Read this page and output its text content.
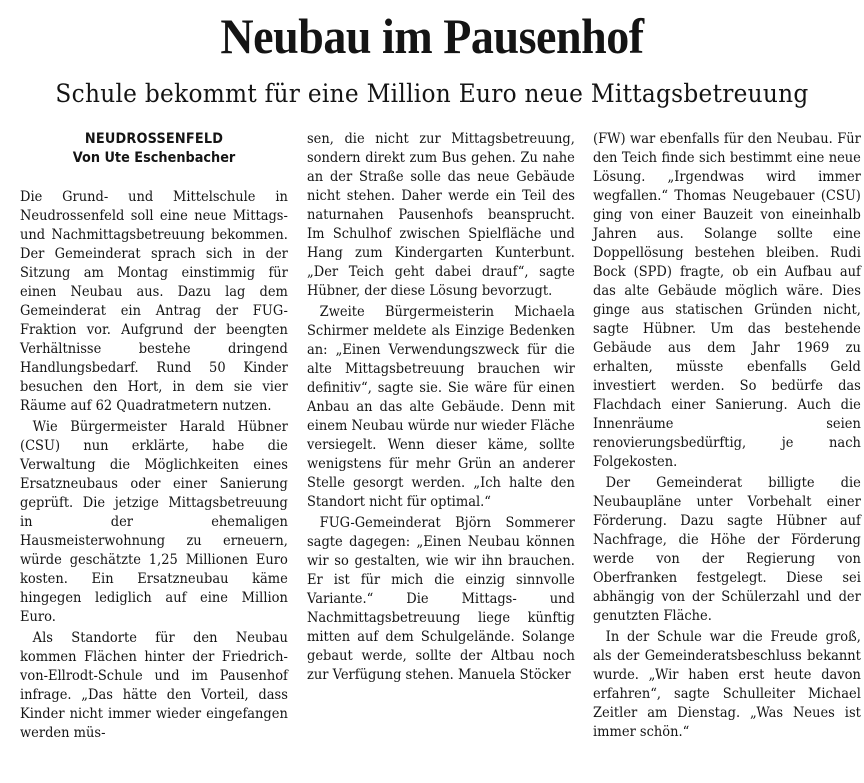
Neubau im Pausenhof
Schule bekommt für eine Million Euro neue Mittagsbetreuung
NEUDROSSENFELD
Von Ute Eschenbacher

Die Grund- und Mittelschule in Neudrossenfeld soll eine neue Mittags- und Nachmittagsbetreuung bekommen. Der Gemeinderat sprach sich in der Sitzung am Montag einstimmig für einen Neubau aus. Dazu lag dem Gemeinderat ein Antrag der FUG-Fraktion vor. Aufgrund der beengten Verhältnisse bestehe dringend Handlungsbedarf. Rund 50 Kinder besuchen den Hort, in dem sie vier Räume auf 62 Quadratmetern nutzen.

Wie Bürgermeister Harald Hübner (CSU) nun erklärte, habe die Verwaltung die Möglichkeiten eines Ersatzneubaus oder einer Sanierung geprüft. Die jetzige Mittagsbetreuung in der ehemaligen Hausmeisterwohnung zu erneuern, würde geschätzte 1,25 Millionen Euro kosten. Ein Ersatzneubau käme hingegen lediglich auf eine Million Euro.

Als Standorte für den Neubau kommen Flächen hinter der Friedrich-von-Ellrodt-Schule und im Pausenhof infrage. „Das hätte den Vorteil, dass Kinder nicht immer wieder eingefangen werden müs-

sen, die nicht zur Mittagsbetreuung, sondern direkt zum Bus gehen. Zu nahe an der Straße solle das neue Gebäude nicht stehen. Daher werde ein Teil des naturnahen Pausenhofs beansprucht. Im Schulhof zwischen Spielfläche und Hang zum Kindergarten Kunterbunt. „Der Teich geht dabei drauf“, sagte Hübner, der diese Lösung bevorzugt.

Zweite Bürgermeisterin Michaela Schirmer meldete als Einzige Bedenken an: „Einen Verwendungszweck für die alte Mittagsbetreuung brauchen wir definitiv“, sagte sie. Sie wäre für einen Anbau an das alte Gebäude. Denn mit einem Neubau würde nur wieder Fläche versiegelt. Wenn dieser käme, sollte wenigstens für mehr Grün an anderer Stelle gesorgt werden. „Ich halte den Standort nicht für optimal.“

FUG-Gemeinderat Björn Sommerer sagte dagegen: „Einen Neubau können wir so gestalten, wie wir ihn brauchen. Er ist für mich die einzig sinnvolle Variante.“ Die Mittags- und Nachmittagsbetreuung liege künftig mitten auf dem Schulgelände. Solange gebaut werde, sollte der Altbau noch zur Verfügung stehen. Manuela Stöcker

(FW) war ebenfalls für den Neubau. Für den Teich finde sich bestimmt eine neue Lösung. „Irgendwas wird immer wegfallen.“ Thomas Neugebauer (CSU) ging von einer Bauzeit von eineinhalb Jahren aus. Solange sollte eine Doppellösung bestehen bleiben. Rudi Bock (SPD) fragte, ob ein Aufbau auf das alte Gebäude möglich wäre. Dies ginge aus statischen Gründen nicht, sagte Hübner. Um das bestehende Gebäude aus dem Jahr 1969 zu erhalten, müsste ebenfalls Geld investiert werden. So bedürfe das Flachdach einer Sanierung. Auch die Innenräume seien renovierungsbedürftig, je nach Folgekosten.

Der Gemeinderat billigte die Neubaupläne unter Vorbehalt einer Förderung. Dazu sagte Hübner auf Nachfrage, die Höhe der Förderung werde von der Regierung von Oberfranken festgelegt. Diese sei abhängig von der Schülerzahl und der genutzten Fläche.

In der Schule war die Freude groß, als der Gemeinderatsbeschluss bekannt wurde. „Wir haben erst heute davon erfahren“, sagte Schulleiter Michael Zeitler am Dienstag. „Was Neues ist immer schön.“
